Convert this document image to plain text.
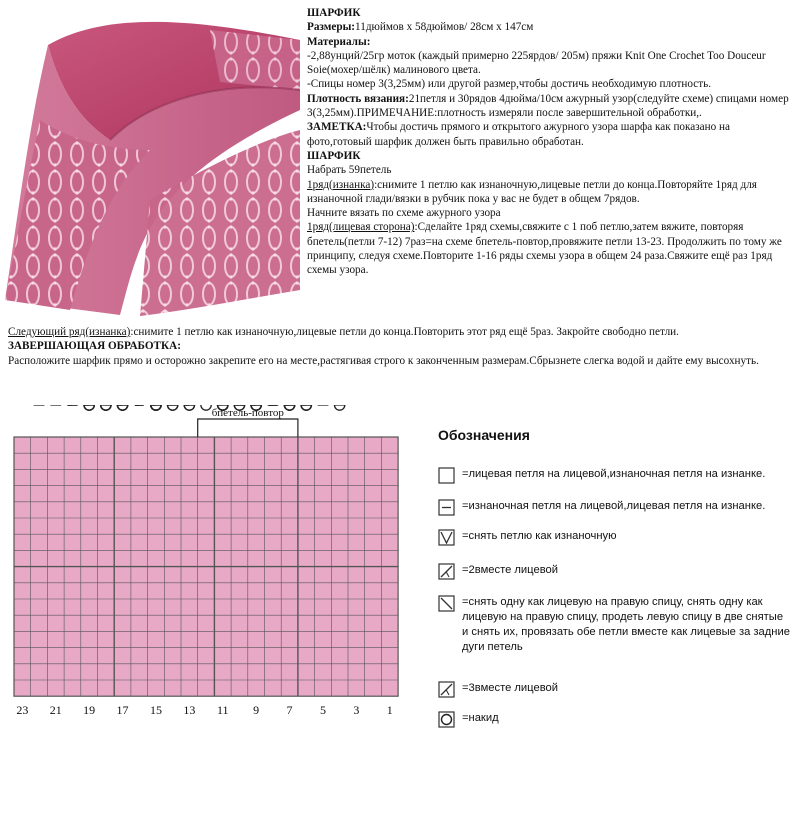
ШАРФИК

Размеры:11дюймов х 58дюймов/ 28см х 147см

Материалы:

-2,88унций/25гр моток (каждый примерно 225ярдов/ 205м) пряжи Knit One Crochet Too Douceur Soie(мохер/шёлк) малинового цвета.

-Спицы номер 3(3,25мм) или другой размер,чтобы достичь необходимую плотность.

Плотность вязания:21петля и 30рядов 4дюйма/10см ажурный узор(следуйте схеме) спицами номер 3(3,25мм).ПРИМЕЧАНИЕ:плотность измеряли после завершительной обработки,.

ЗАМЕТКА:Чтобы достичь прямого и открытого ажурного узора шарфа как показано на фото,готовый шарфик должен быть правильно обработан.

ШАРФИК

Набрать 59петель

1ряд(изнанка):снимите 1 петлю как изнаночную,лицевые петли до конца.Повторяйте 1ряд для изнаночной глади/вязки в рубчик пока у вас не будет в общем 7рядов.

Начните вязать по схеме ажурного узора

1ряд(лицевая сторона):Сделайте 1ряд схемы,свяжите с 1 поб петлю,затем вяжите, повторяя бпетель(петли 7-12) 7раз=на схеме бпетель-повтор,провяжите петли 13-23. Продолжить по тому же принципу, следуя схеме.Повторите 1-16 ряды схемы узора в общем 24 раза.Свяжите ещё раз 1ряд схемы узора.

Следующий ряд(изнанка):снимите 1 петлю как изнаночную,лицевые петли до конца.Повторить этот ряд ещё 5раз. Закройте свободно петли.

ЗАВЕРШАЮЩАЯ ОБРАБОТКА:

Расположите шарфик прямо и осторожно закрепите его на месте,растягивая строго к законченным размерам.Сбрызнете слегка водой и дайте ему высохнуть.

бпетель-повтор
23 21 19 17 15 13 11 9 7 5 3 1
Обозначения
=лицевая петля на лицевой,изнаночная петля на изнанке.
=изнаночная петля на лицевой,лицевая петля на изнанке.
=снять петлю как изнаночную
=2вместе лицевой
=снять одну как лицевую на правую спицу, снять одну как лицевую на правую спицу, продеть левую спицу в две снятые и снять их, провязать обе петли вместе как лицевые за задние дуги петель
=3вместе лицевой
=накид
